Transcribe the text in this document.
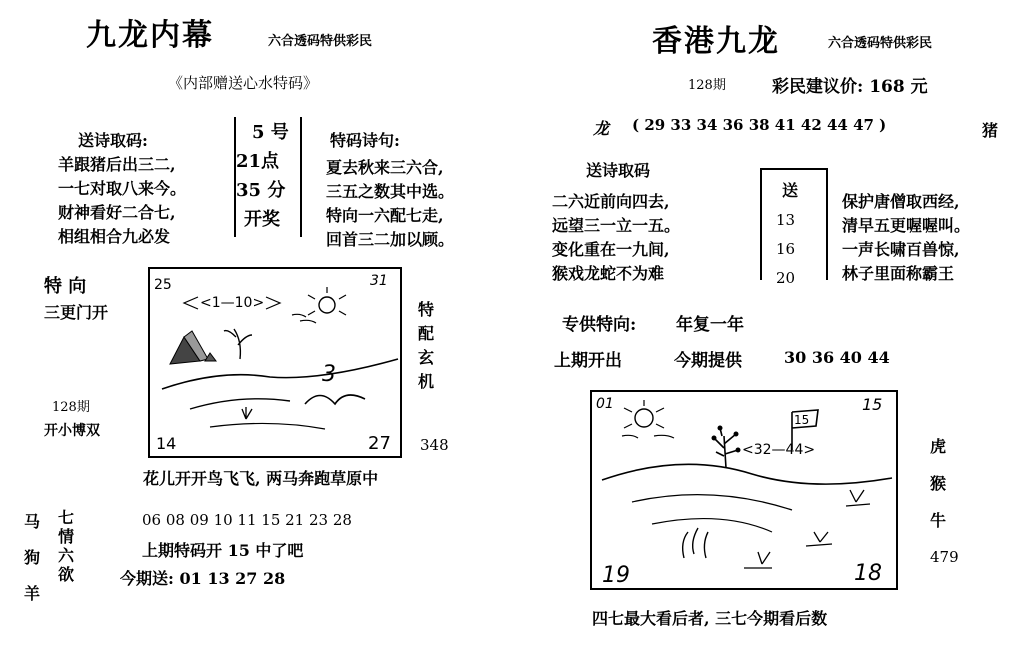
九龙内幕	六合透码特供彩民
《内部赠送心水特码》
送诗取码:
羊跟猪后出三二,
一七对取八来今。
财神看好二合七,
相组相合九必发
5 号
21点
35 分
开奖
特码诗句:
夏去秋来三六合,
三五之数其中选。
特向一六配七走,
回首三二加以顾。
特 向
三更门开
128期
开小博双
25	31
14	27
<1—10>
3
特
配
玄
机
348
花儿开开鸟飞飞, 两马奔跑草原中
马
狗
羊
七
情
六
欲
06 08 09 10 11 15 21 23 28
上期特码开 15 中了吧
今期送: 01 13 27 28
香港九龙	六合透码特供彩民
128期	彩民建议价: 168 元
龙 ( 29 33 34 36 38 41 42 44 47 )	猪
送诗取码
二六近前向四去,
远望三一立一五。
变化重在一九间,
猴戏龙蛇不为难
送
13
16
20
保护唐僧取西经,
清早五更喔喔叫。
一声长啸百兽惊,
林子里面称霸王
专供特向: 年复一年
上期开出	今期提供	30 36 40 44
01	15
19	18
15
<32—44>	虎
猴
牛
479
四七最大看后者, 三七今期看后数
